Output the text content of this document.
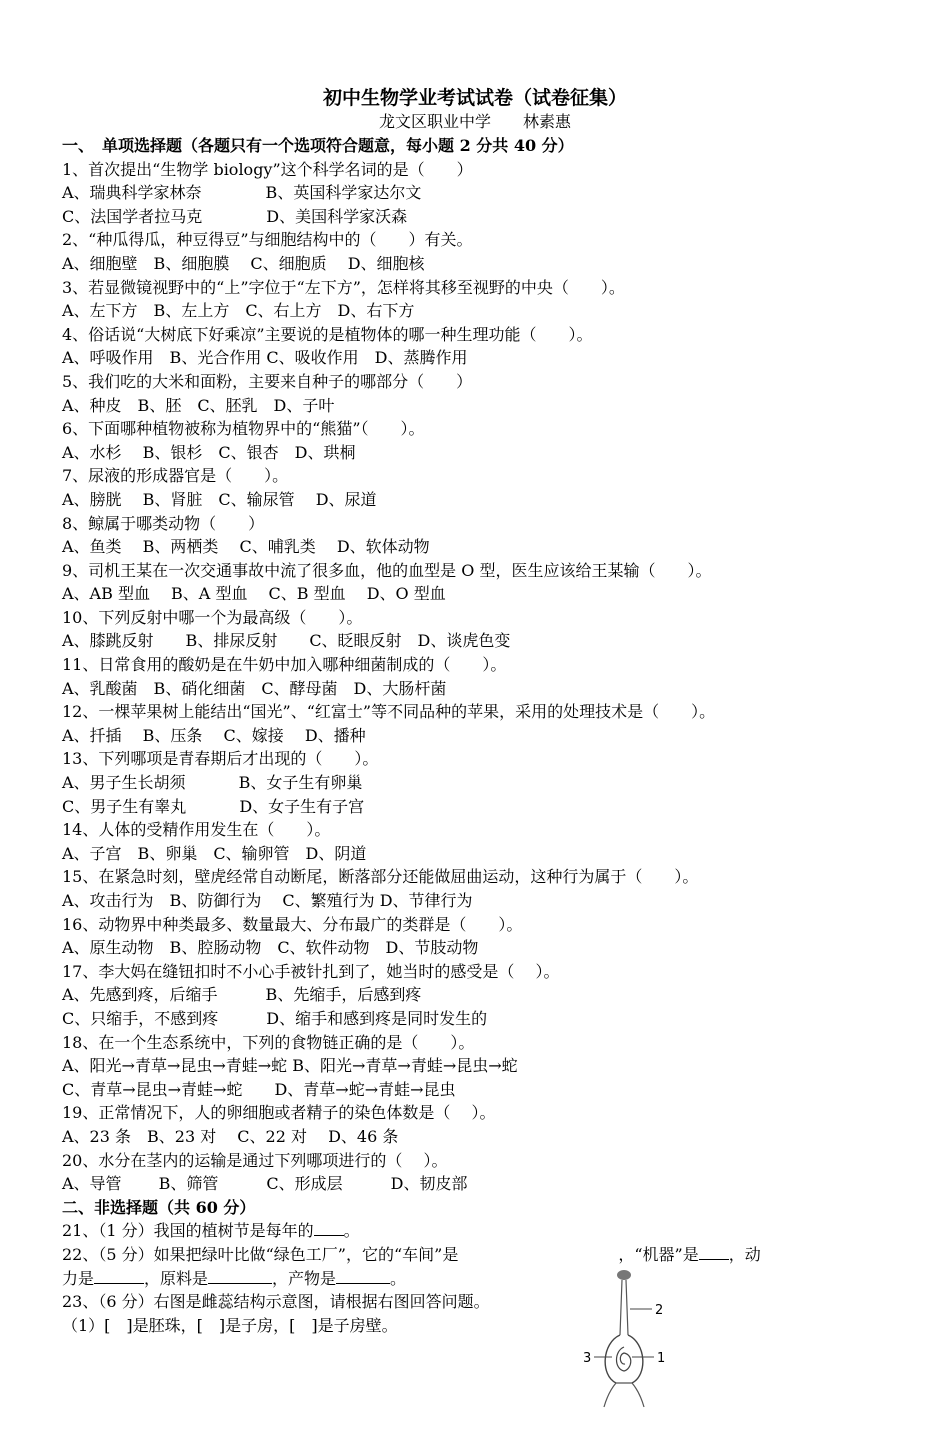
初中生物学业考试试卷（试卷征集）
龙文区职业中学　　林素惠
一、　单项选择题（各题只有一个选项符合题意，每小题 2 分共 40 分）
1、首次提出“生物学 biology”这个科学名词的是（　　）
A、瑞典科学家林奈　　　　B、英国科学家达尔文
C、法国学者拉马克　　　　D、美国科学家沃森
2、“种瓜得瓜，种豆得豆”与细胞结构中的（　　）有关。
A、细胞壁　B、细胞膜　 C、细胞质　 D、细胞核
3、若显微镜视野中的“上”字位于“左下方”，怎样将其移至视野的中央（　　）。
A、左下方　B、左上方　C、右上方　D、右下方
4、俗话说“大树底下好乘凉”主要说的是植物体的哪一种生理功能（　　）。
A、呼吸作用　B、光合作用 C、吸收作用　D、蒸腾作用
5、我们吃的大米和面粉，主要来自种子的哪部分（　　）
A、种皮　B、胚　C、胚乳　D、子叶
6、下面哪种植物被称为植物界中的“熊猫”（　　）。
A、水杉　 B、银杉　C、银杏　D、珙桐
7、尿液的形成器官是（　　）。
A、膀胱　 B、肾脏　C、输尿管　 D、尿道
8、鲸属于哪类动物（　　）
A、鱼类　 B、两栖类　 C、哺乳类　 D、软体动物
9、司机王某在一次交通事故中流了很多血，他的血型是 O 型，医生应该给王某输（　　）。
A、AB 型血　 B、A 型血　 C、B 型血　 D、O 型血
10、下列反射中哪一个为最高级（　　）。
A、膝跳反射　　B、排尿反射　　C、眨眼反射　D、谈虎色变
11、日常食用的酸奶是在牛奶中加入哪种细菌制成的（　　）。
A、乳酸菌　B、硝化细菌　C、酵母菌　D、大肠杆菌
12、一棵苹果树上能结出“国光”、“红富士”等不同品种的苹果，采用的处理技术是（　　）。
A、扦插　 B、压条　 C、嫁接　 D、播种
13、下列哪项是青春期后才出现的（　　）。
A、男子生长胡须　　　 B、女子生有卵巢
C、男子生有睾丸　　　 D、女子生有子宫
14、人体的受精作用发生在（　　）。
A、子宫　B、卵巢　C、输卵管　D、阴道
15、在紧急时刻，壁虎经常自动断尾，断落部分还能做屈曲运动，这种行为属于（　　）。
A、攻击行为　B、防御行为　 C、繁殖行为 D、节律行为
16、动物界中种类最多、数量最大、分布最广的类群是（　　）。
A、原生动物　B、腔肠动物　C、软件动物　D、节肢动物
17、李大妈在缝钮扣时不小心手被针扎到了，她当时的感受是（　 ）。
A、先感到疼，后缩手　　　B、先缩手，后感到疼
C、只缩手，不感到疼　　　D、缩手和感到疼是同时发生的
18、在一个生态系统中，下列的食物链正确的是（　　）。
A、阳光→青草→昆虫→青蛙→蛇 B、阳光→青草→青蛙→昆虫→蛇
C、青草→昆虫→青蛙→蛇　　D、青草→蛇→青蛙→昆虫
19、正常情况下，人的卵细胞或者精子的染色体数是（　 ）。
A、23 条　B、23 对　 C、22 对　 D、46 条
20、水分在茎内的运输是通过下列哪项进行的（　 ）。
A、导管　　 B、筛管　　　C、形成层　　　D、韧皮部
二、非选择题（共 60 分）
21、（1 分）我国的植树节是每年的 。
22、（5 分）如果把绿叶比做“绿色工厂”，它的“车间”是	，“机器”是 ，动
力是	，原料是	，产物是	。
23、（6 分）右图是雌蕊结构示意图，请根据右图回答问题。
（1）[　]是胚珠，[　]是子房，[　]是子房壁。
2
1
3
